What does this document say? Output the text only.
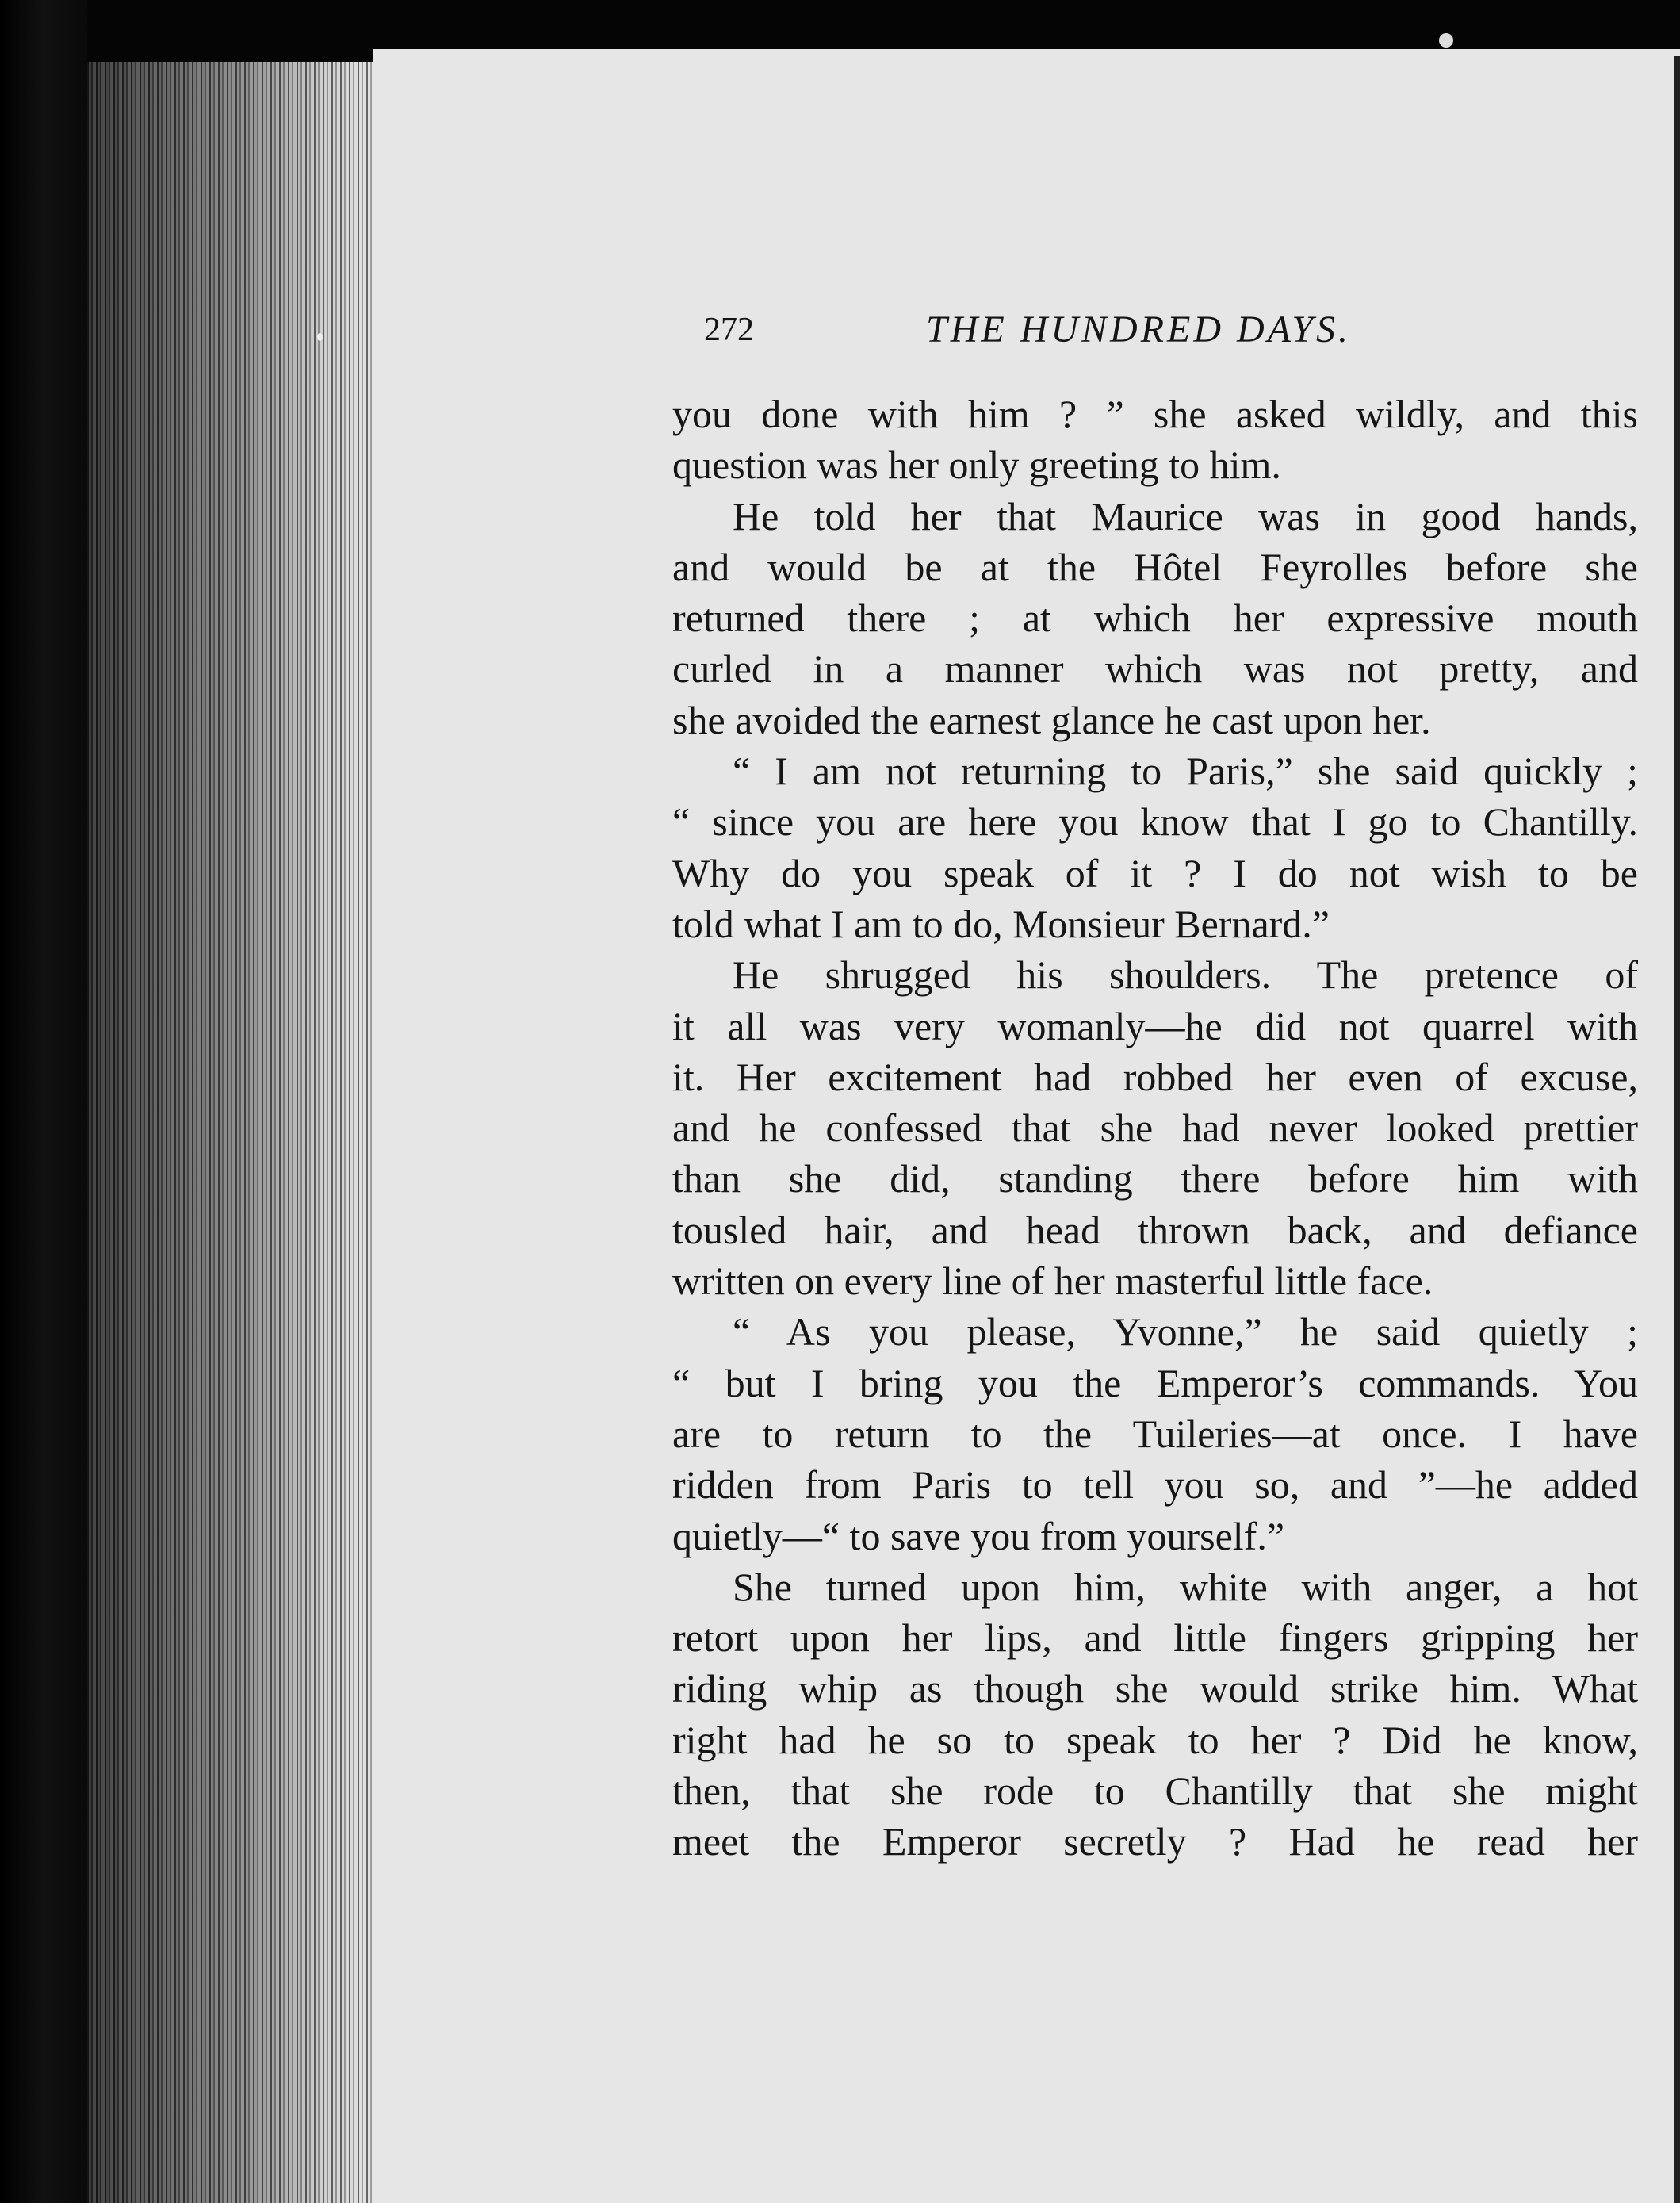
272	THE HUNDRED DAYS.
you done with him ? ” she asked wildly, and this
question was her only greeting to him.
He told her that Maurice was in good hands,
and would be at the Hôtel Feyrolles before she
returned there ; at which her expressive mouth
curled in a manner which was not pretty, and
she avoided the earnest glance he cast upon her.
“ I am not returning to Paris,” she said quickly ;
“ since you are here you know that I go to Chantilly.
Why do you speak of it ? I do not wish to be
told what I am to do, Monsieur Bernard.”
He shrugged his shoulders. The pretence of
it all was very womanly—he did not quarrel with
it. Her excitement had robbed her even of excuse,
and he confessed that she had never looked prettier
than she did, standing there before him with
tousled hair, and head thrown back, and defiance
written on every line of her masterful little face.
“ As you please, Yvonne,” he said quietly ;
“ but I bring you the Emperor’s commands. You
are to return to the Tuileries—at once. I have
ridden from Paris to tell you so, and ”—he added
quietly—“ to save you from yourself.”
She turned upon him, white with anger, a hot
retort upon her lips, and little fingers gripping her
riding whip as though she would strike him. What
right had he so to speak to her ? Did he know,
then, that she rode to Chantilly that she might
meet the Emperor secretly ? Had he read her
